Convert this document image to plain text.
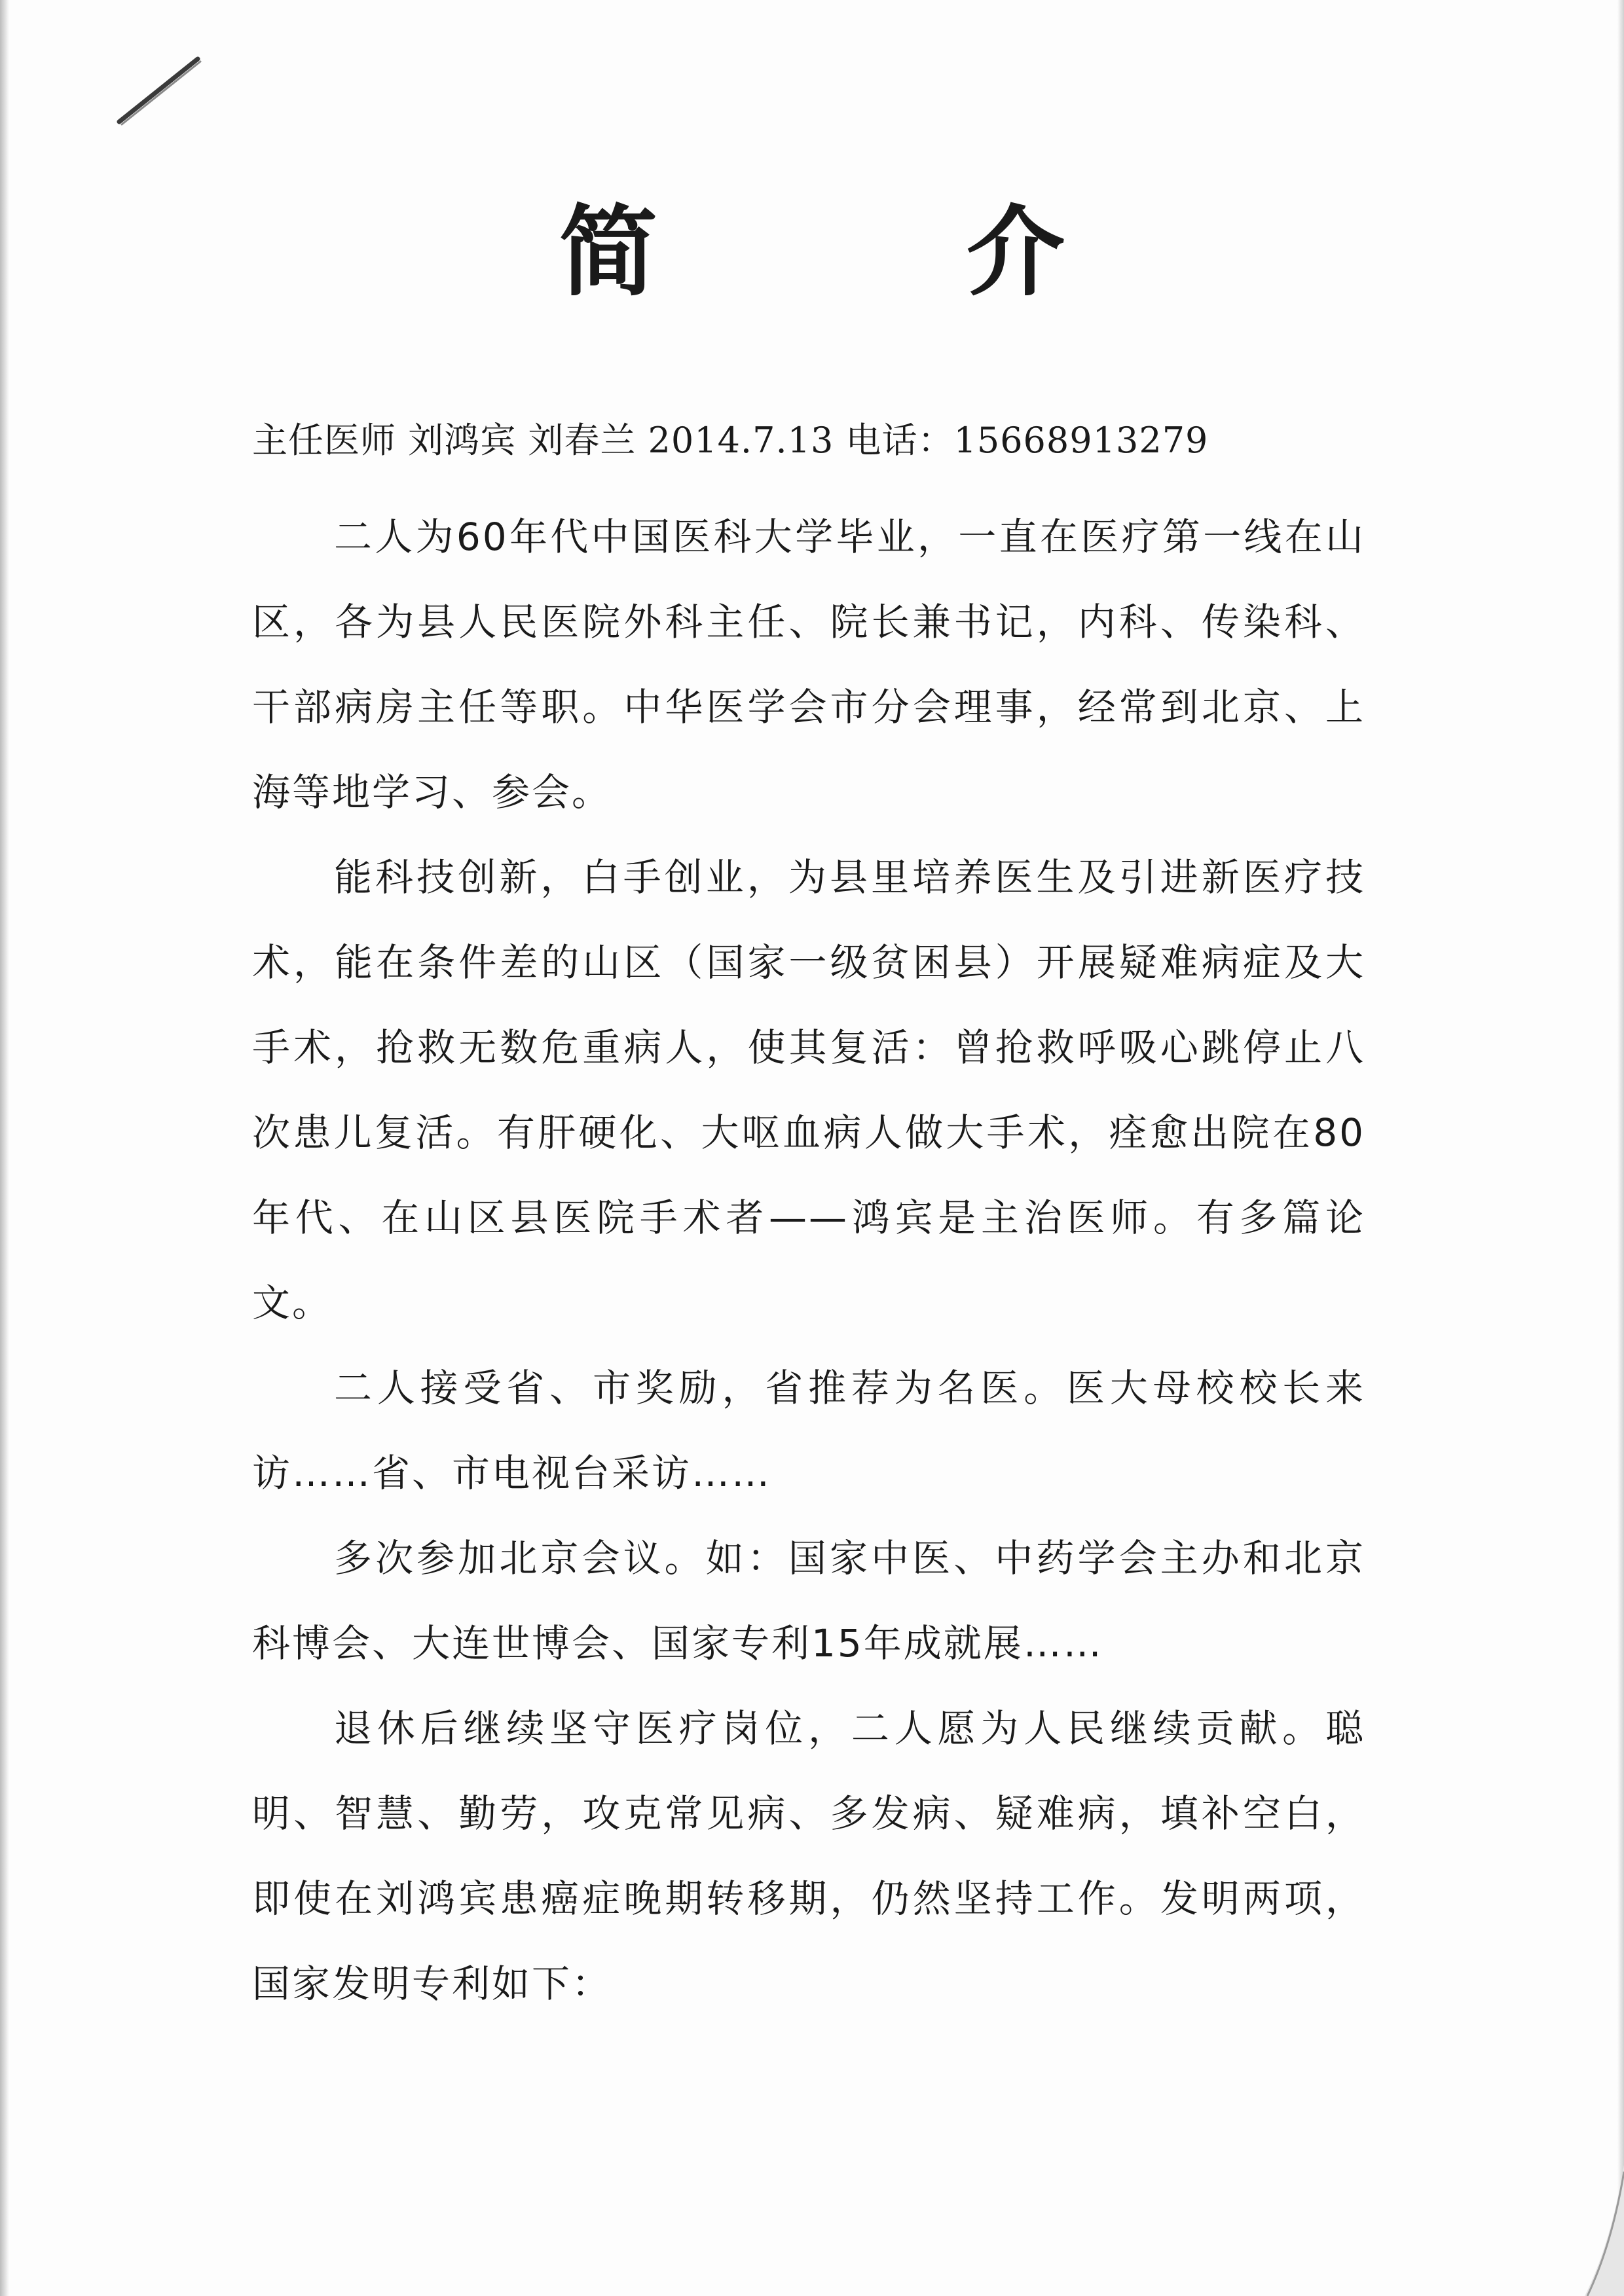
简 介
主任医师 刘鸿宾 刘春兰 2014.7.13 电话：15668913279

二人为60年代中国医科大学毕业，一直在医疗第一线在山区，各为县人民医院外科主任、院长兼书记，内科、传染科、干部病房主任等职。中华医学会市分会理事，经常到北京、上海等地学习、参会。

能科技创新，白手创业，为县里培养医生及引进新医疗技术，能在条件差的山区（国家一级贫困县）开展疑难病症及大手术，抢救无数危重病人，使其复活：曾抢救呼吸心跳停止八次患儿复活。有肝硬化、大呕血病人做大手术，痊愈出院在80年代、在山区县医院手术者——鸿宾是主治医师。有多篇论文。

二人接受省、市奖励，省推荐为名医。医大母校校长来访……省、市电视台采访……

多次参加北京会议。如：国家中医、中药学会主办和北京科博会、大连世博会、国家专利15年成就展……

退休后继续坚守医疗岗位，二人愿为人民继续贡献。聪明、智慧、勤劳，攻克常见病、多发病、疑难病，填补空白，即使在刘鸿宾患癌症晚期转移期，仍然坚持工作。发明两项，国家发明专利如下：
